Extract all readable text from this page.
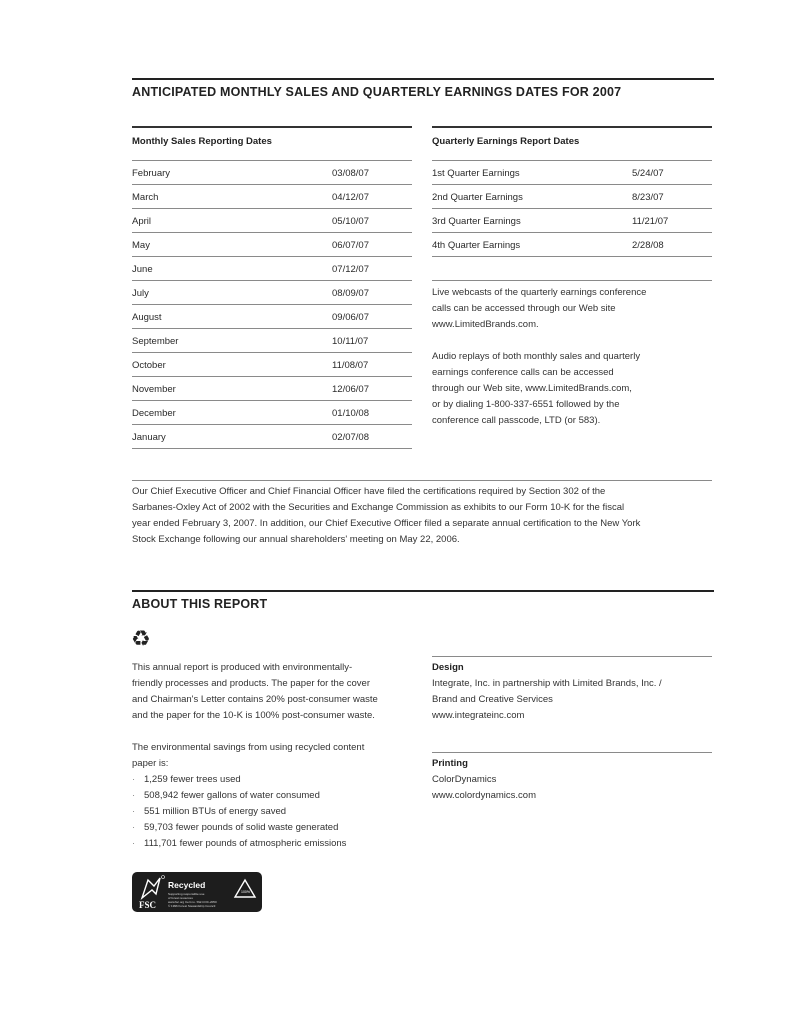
ANTICIPATED MONTHLY SALES AND QUARTERLY EARNINGS DATES FOR 2007
Monthly Sales Reporting Dates
February	03/08/07
March	04/12/07
April	05/10/07
May	06/07/07
June	07/12/07
July	08/09/07
August	09/06/07
September	10/11/07
October	11/08/07
November	12/06/07
December	01/10/08
January	02/07/08
Quarterly Earnings Report Dates
1st Quarter Earnings	5/24/07
2nd Quarter Earnings	8/23/07
3rd Quarter Earnings	11/21/07
4th Quarter Earnings	2/28/08

Live webcasts of the quarterly earnings conference

calls can be accessed through our Web site

www.LimitedBrands.com.

Audio replays of both monthly sales and quarterly

earnings conference calls can be accessed

through our Web site, www.LimitedBrands.com,

or by dialing 1-800-337-6551 followed by the

conference call passcode, LTD (or 583).

Our Chief Executive Officer and Chief Financial Officer have filed the certifications required by Section 302 of the

Sarbanes-Oxley Act of 2002 with the Securities and Exchange Commission as exhibits to our Form 10-K for the fiscal

year ended February 3, 2007. In addition, our Chief Executive Officer filed a separate annual certification to the New York

Stock Exchange following our annual shareholders' meeting on May 22, 2006.

ABOUT THIS REPORT
♻

This annual report is produced with environmentally-

friendly processes and products. The paper for the cover

and Chairman's Letter contains 20% post-consumer waste

and the paper for the 10-K is 100% post-consumer waste.

The environmental savings from using recycled content

paper is:

· 1,259 fewer trees used

· 508,942 fewer gallons of water consumed

· 551 million BTUs of energy saved

· 59,703 fewer pounds of solid waste generated

· 111,701 fewer pounds of atmospheric emissions

Design

Integrate, Inc. in partnership with Limited Brands, Inc. /

Brand and Creative Services

www.integrateinc.com

Printing

ColorDynamics

www.colordynamics.com

FSC
Recycled
Supporting responsible use
of forest resources
www.fsc.org Cert no. SW-COC-2050
© 1996 Forest Stewardship Council
100%
